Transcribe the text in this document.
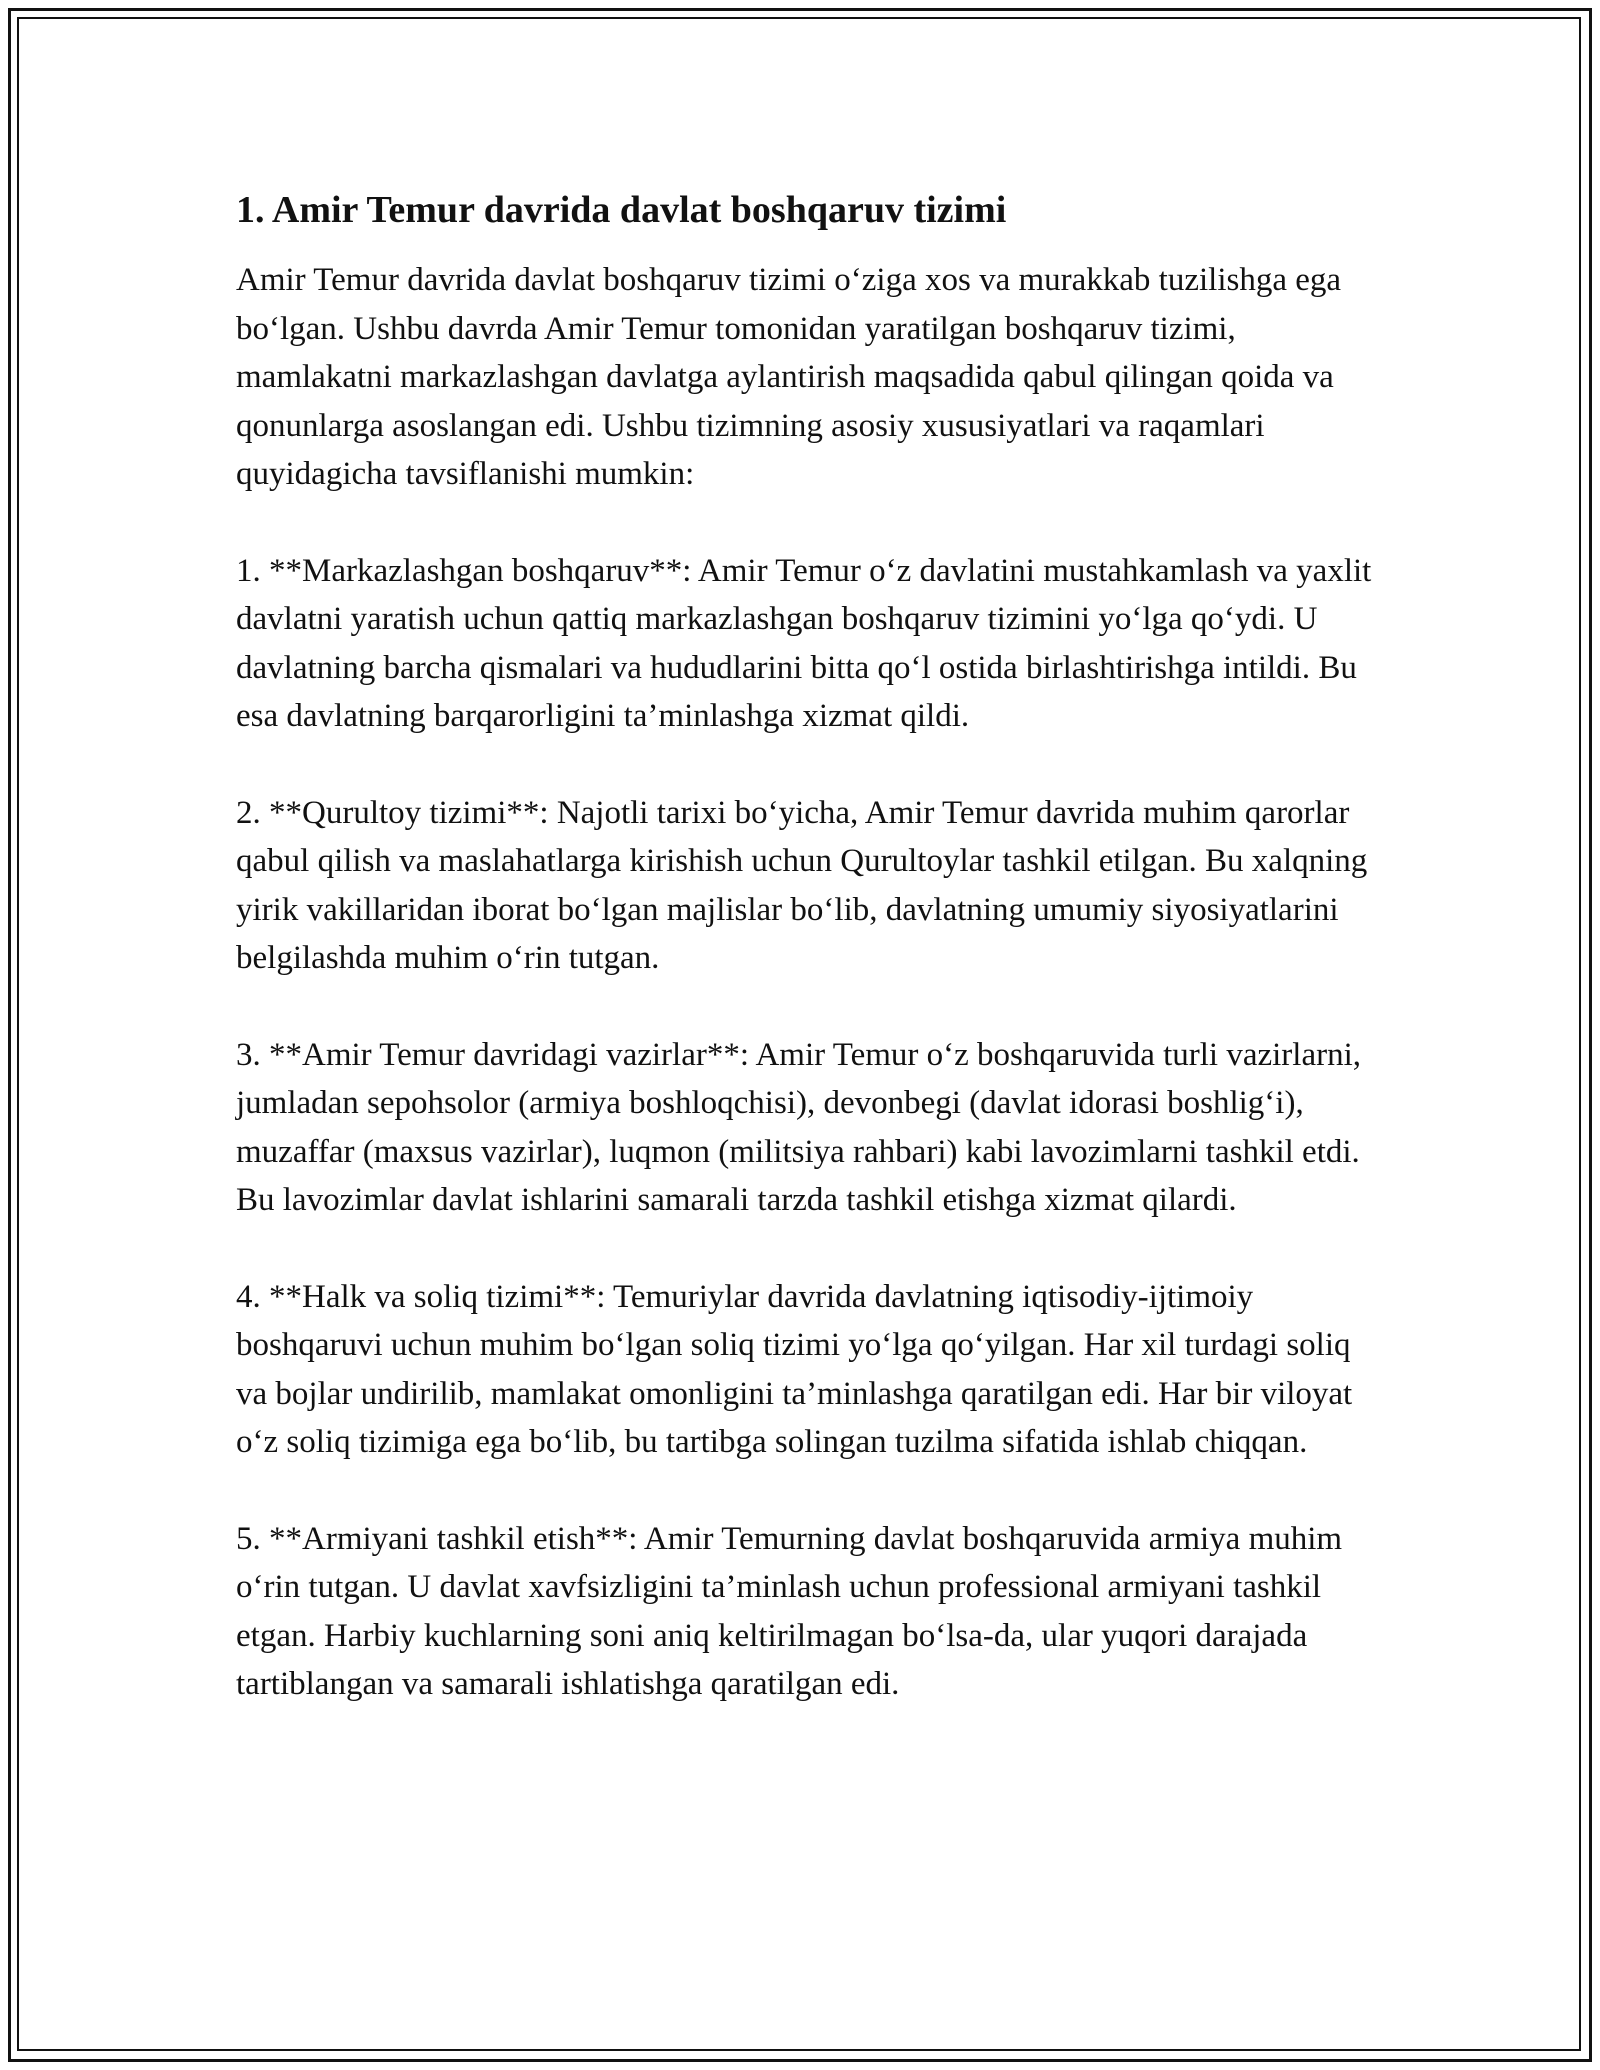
1. Amir Temur davrida davlat boshqaruv tizimi

Amir Temur davrida davlat boshqaruv tizimi o‘ziga xos va murakkab tuzilishga ega bo‘lgan. Ushbu davrda Amir Temur tomonidan yaratilgan boshqaruv tizimi, mamlakatni markazlashgan davlatga aylantirish maqsadida qabul qilingan qoida va qonunlarga asoslangan edi. Ushbu tizimning asosiy xususiyatlari va raqamlari quyidagicha tavsiflanishi mumkin:

1. **Markazlashgan boshqaruv**: Amir Temur o‘z davlatini mustahkamlash va yaxlit davlatni yaratish uchun qattiq markazlashgan boshqaruv tizimini yo‘lga qo‘ydi. U davlatning barcha qismalari va hududlarini bitta qo‘l ostida birlashtirishga intildi. Bu esa davlatning barqarorligini ta’minlashga xizmat qildi.

2. **Qurultoy tizimi**: Najotli tarixi bo‘yicha, Amir Temur davrida muhim qarorlar qabul qilish va maslahatlarga kirishish uchun Qurultoylar tashkil etilgan. Bu xalqning yirik vakillaridan iborat bo‘lgan majlislar bo‘lib, davlatning umumiy siyosiyatlarini belgilashda muhim o‘rin tutgan.

3. **Amir Temur davridagi vazirlar**: Amir Temur o‘z boshqaruvida turli vazirlarni, jumladan sepohsolor (armiya boshloqchisi), devonbegi (davlat idorasi boshlig‘i), muzaffar (maxsus vazirlar), luqmon (militsiya rahbari) kabi lavozimlarni tashkil etdi. Bu lavozimlar davlat ishlarini samarali tarzda tashkil etishga xizmat qilardi.

4. **Halk va soliq tizimi**: Temuriylar davrida davlatning iqtisodiy-ijtimoiy boshqaruvi uchun muhim bo‘lgan soliq tizimi yo‘lga qo‘yilgan. Har xil turdagi soliq va bojlar undirilib, mamlakat omonligini ta’minlashga qaratilgan edi. Har bir viloyat o‘z soliq tizimiga ega bo‘lib, bu tartibga solingan tuzilma sifatida ishlab chiqqan.

5. **Armiyani tashkil etish**: Amir Temurning davlat boshqaruvida armiya muhim o‘rin tutgan. U davlat xavfsizligini ta’minlash uchun professional armiyani tashkil etgan. Harbiy kuchlarning soni aniq keltirilmagan bo‘lsa-da, ular yuqori darajada tartiblangan va samarali ishlatishga qaratilgan edi.
